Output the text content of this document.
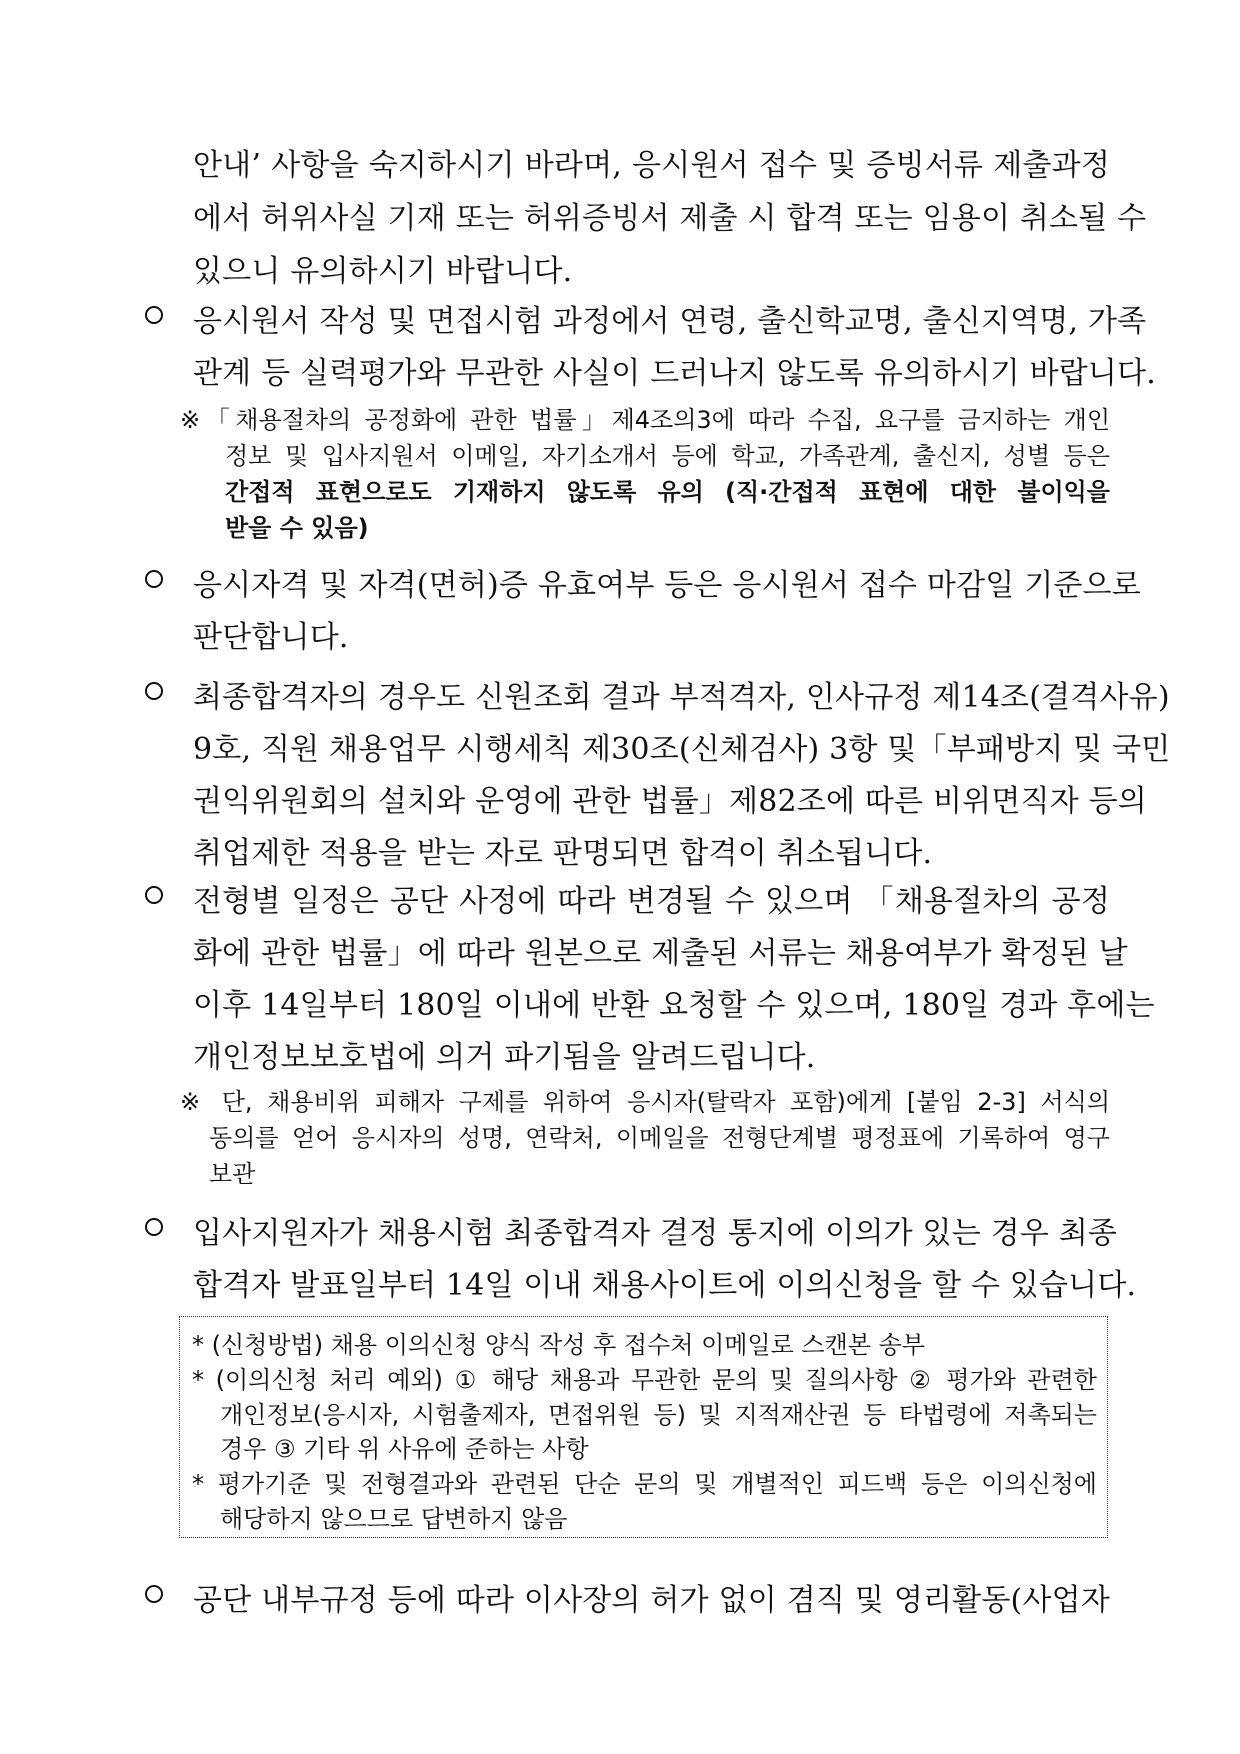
안내’ 사항을 숙지하시기 바라며, 응시원서 접수 및 증빙서류 제출과정
에서 허위사실 기재 또는 허위증빙서 제출 시 합격 또는 임용이 취소될 수
있으니 유의하시기 바랍니다.
응시원서 작성 및 면접시험 과정에서 연령, 출신학교명, 출신지역명, 가족
관계 등 실력평가와 무관한 사실이 드러나지 않도록 유의하시기 바랍니다.
※「채용절차의 공정화에 관한 법률」제4조의3에 따라 수집, 요구를 금지하는 개인
정보 및 입사지원서 이메일, 자기소개서 등에 학교, 가족관계, 출신지, 성별 등은
간접적 표현으로도 기재하지 않도록 유의 (직·간접적 표현에 대한 불이익을
받을 수 있음)
응시자격 및 자격(면허)증 유효여부 등은 응시원서 접수 마감일 기준으로
판단합니다.
최종합격자의 경우도 신원조회 결과 부적격자, 인사규정 제14조(결격사유)
9호, 직원 채용업무 시행세칙 제30조(신체검사) 3항 및「부패방지 및 국민
권익위원회의 설치와 운영에 관한 법률」제82조에 따른 비위면직자 등의
취업제한 적용을 받는 자로 판명되면 합격이 취소됩니다.
전형별 일정은 공단 사정에 따라 변경될 수 있으며 「채용절차의 공정
화에 관한 법률」에 따라 원본으로 제출된 서류는 채용여부가 확정된 날
이후 14일부터 180일 이내에 반환 요청할 수 있으며, 180일 경과 후에는
개인정보보호법에 의거 파기됨을 알려드립니다.
※ 단, 채용비위 피해자 구제를 위하여 응시자(탈락자 포함)에게 [붙임 2-3] 서식의
동의를 얻어 응시자의 성명, 연락처, 이메일을 전형단계별 평정표에 기록하여 영구
보관
입사지원자가 채용시험 최종합격자 결정 통지에 이의가 있는 경우 최종
합격자 발표일부터 14일 이내 채용사이트에 이의신청을 할 수 있습니다.
* (신청방법) 채용 이의신청 양식 작성 후 접수처 이메일로 스캔본 송부
* (이의신청 처리 예외) ① 해당 채용과 무관한 문의 및 질의사항 ② 평가와 관련한
개인정보(응시자, 시험출제자, 면접위원 등) 및 지적재산권 등 타법령에 저촉되는
경우 ③ 기타 위 사유에 준하는 사항
* 평가기준 및 전형결과와 관련된 단순 문의 및 개별적인 피드백 등은 이의신청에
해당하지 않으므로 답변하지 않음
공단 내부규정 등에 따라 이사장의 허가 없이 겸직 및 영리활동(사업자
